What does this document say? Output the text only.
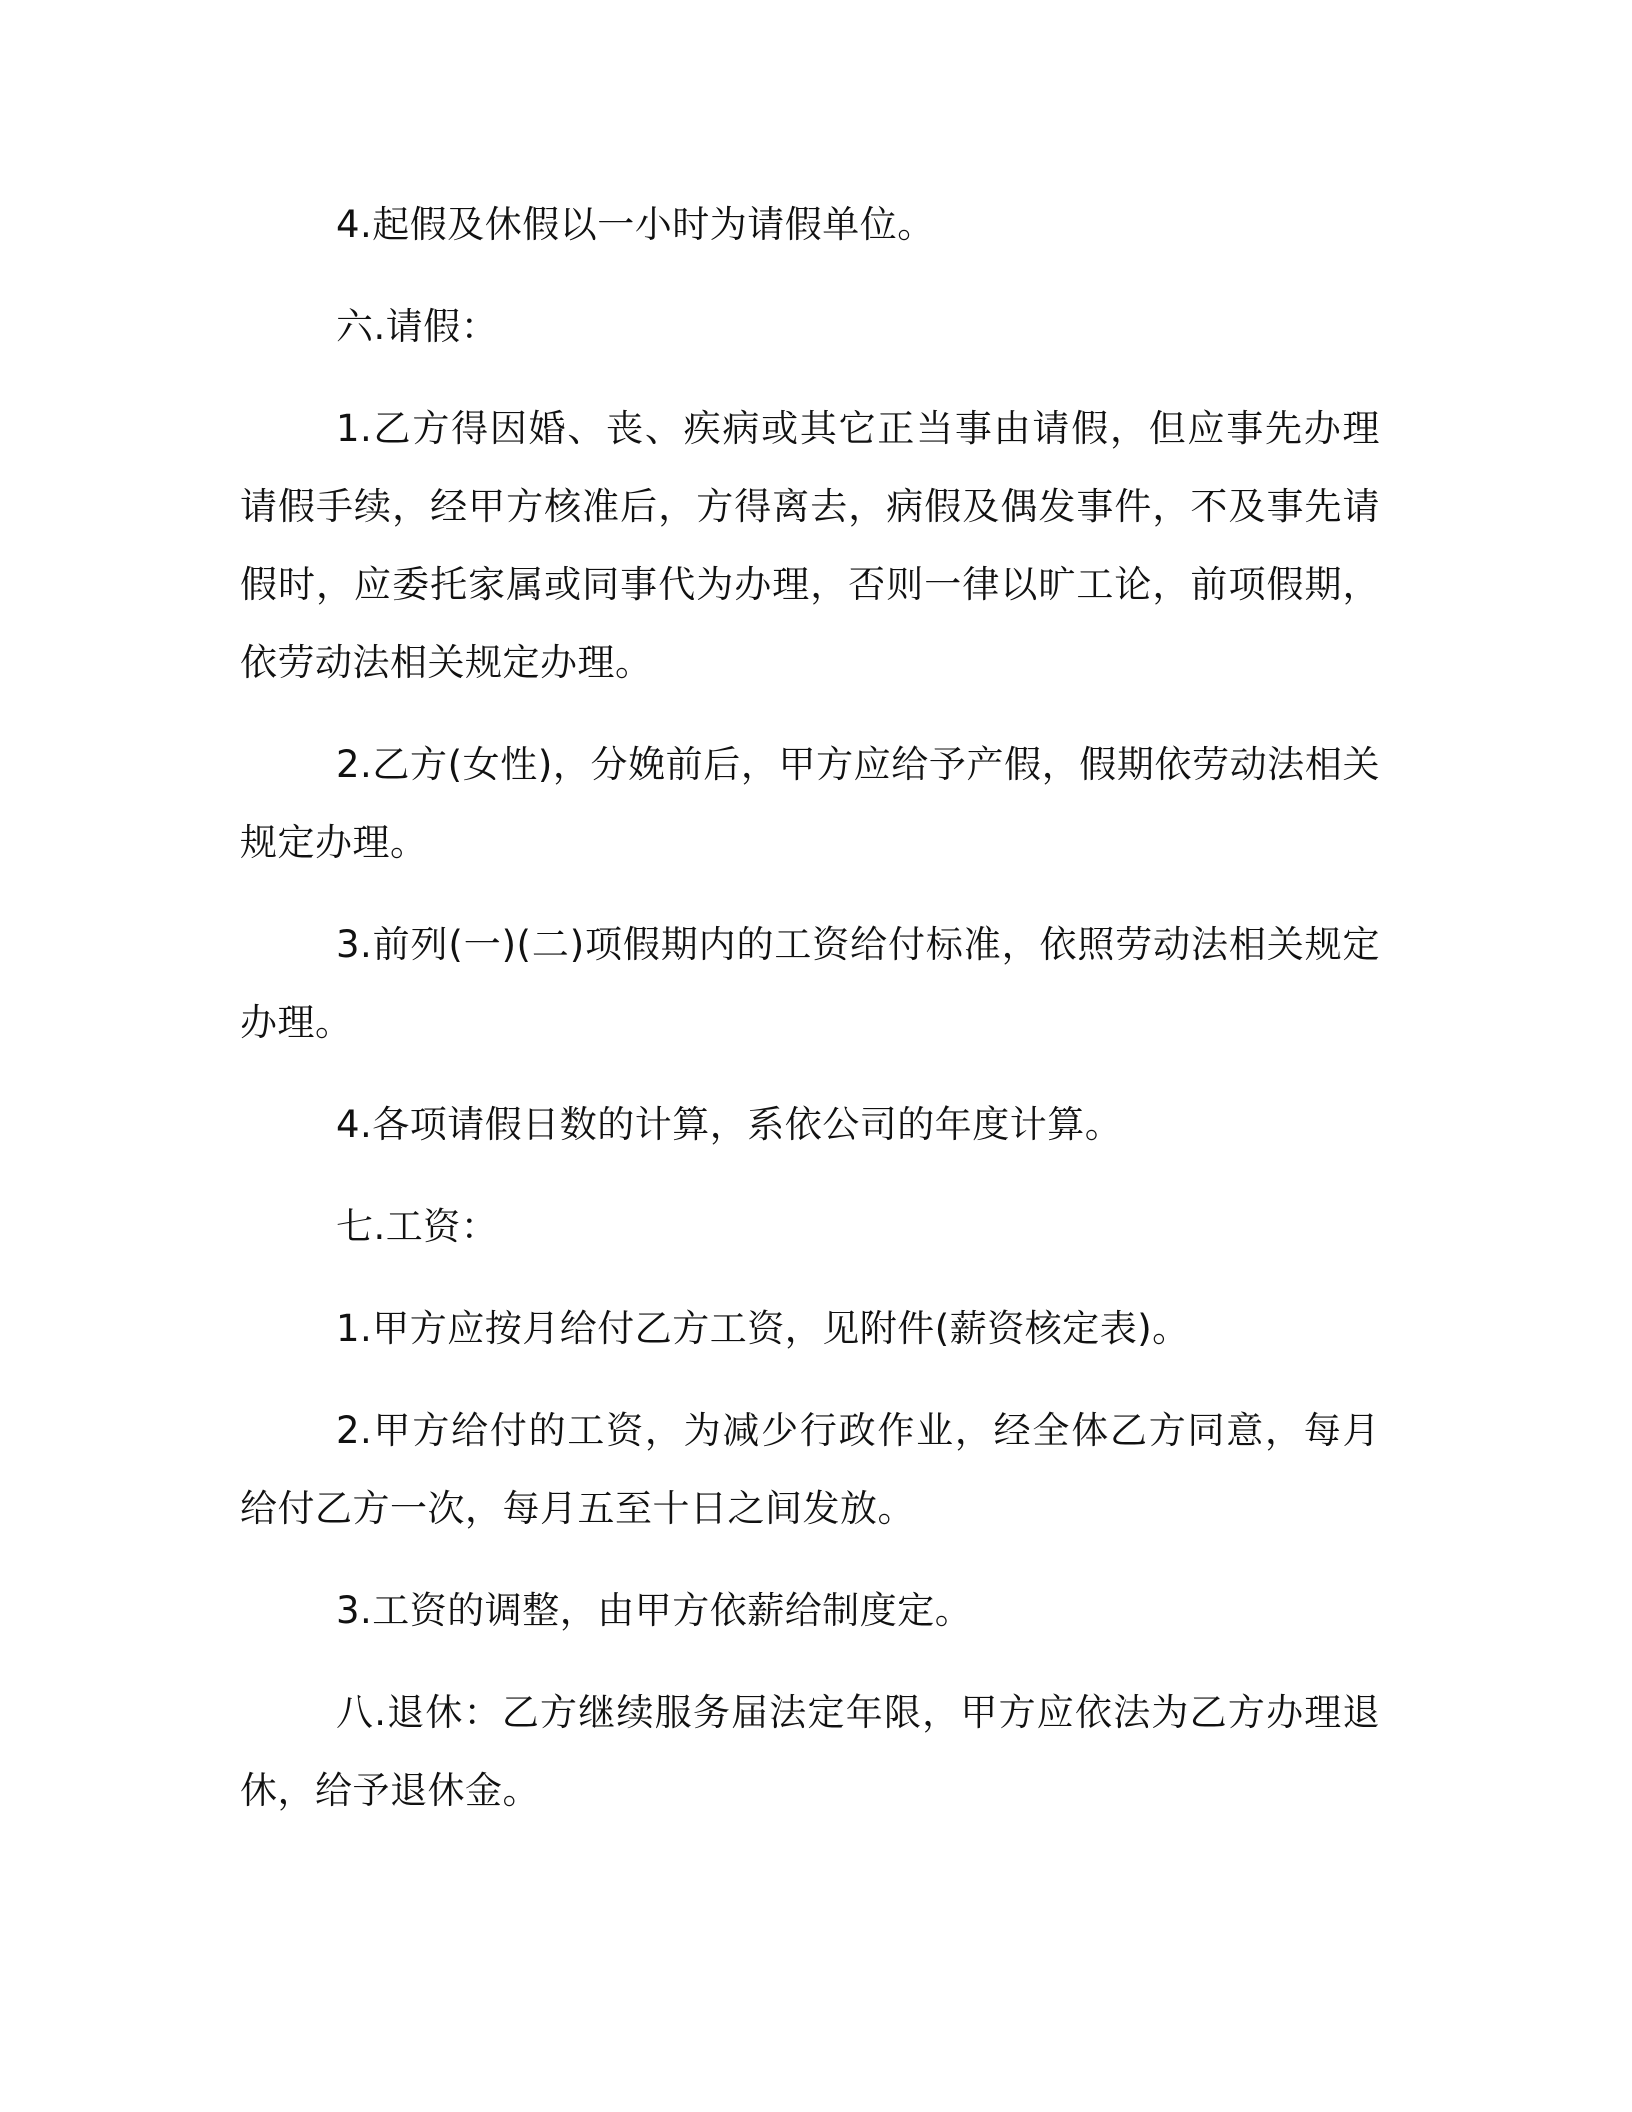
4.起假及休假以一小时为请假单位。

六.请假：

1.乙方得因婚、丧、疾病或其它正当事由请假，但应事先办理请假手续，经甲方核准后，方得离去，病假及偶发事件，不及事先请假时，应委托家属或同事代为办理，否则一律以旷工论，前项假期，依劳动法相关规定办理。

2.乙方(女性)，分娩前后，甲方应给予产假，假期依劳动法相关规定办理。

3.前列(一)(二)项假期内的工资给付标准，依照劳动法相关规定办理。

4.各项请假日数的计算，系依公司的年度计算。

七.工资：

1.甲方应按月给付乙方工资，见附件(薪资核定表)。

2.甲方给付的工资，为减少行政作业，经全体乙方同意，每月给付乙方一次，每月五至十日之间发放。

3.工资的调整，由甲方依薪给制度定。

八.退休：乙方继续服务届法定年限，甲方应依法为乙方办理退休，给予退休金。
